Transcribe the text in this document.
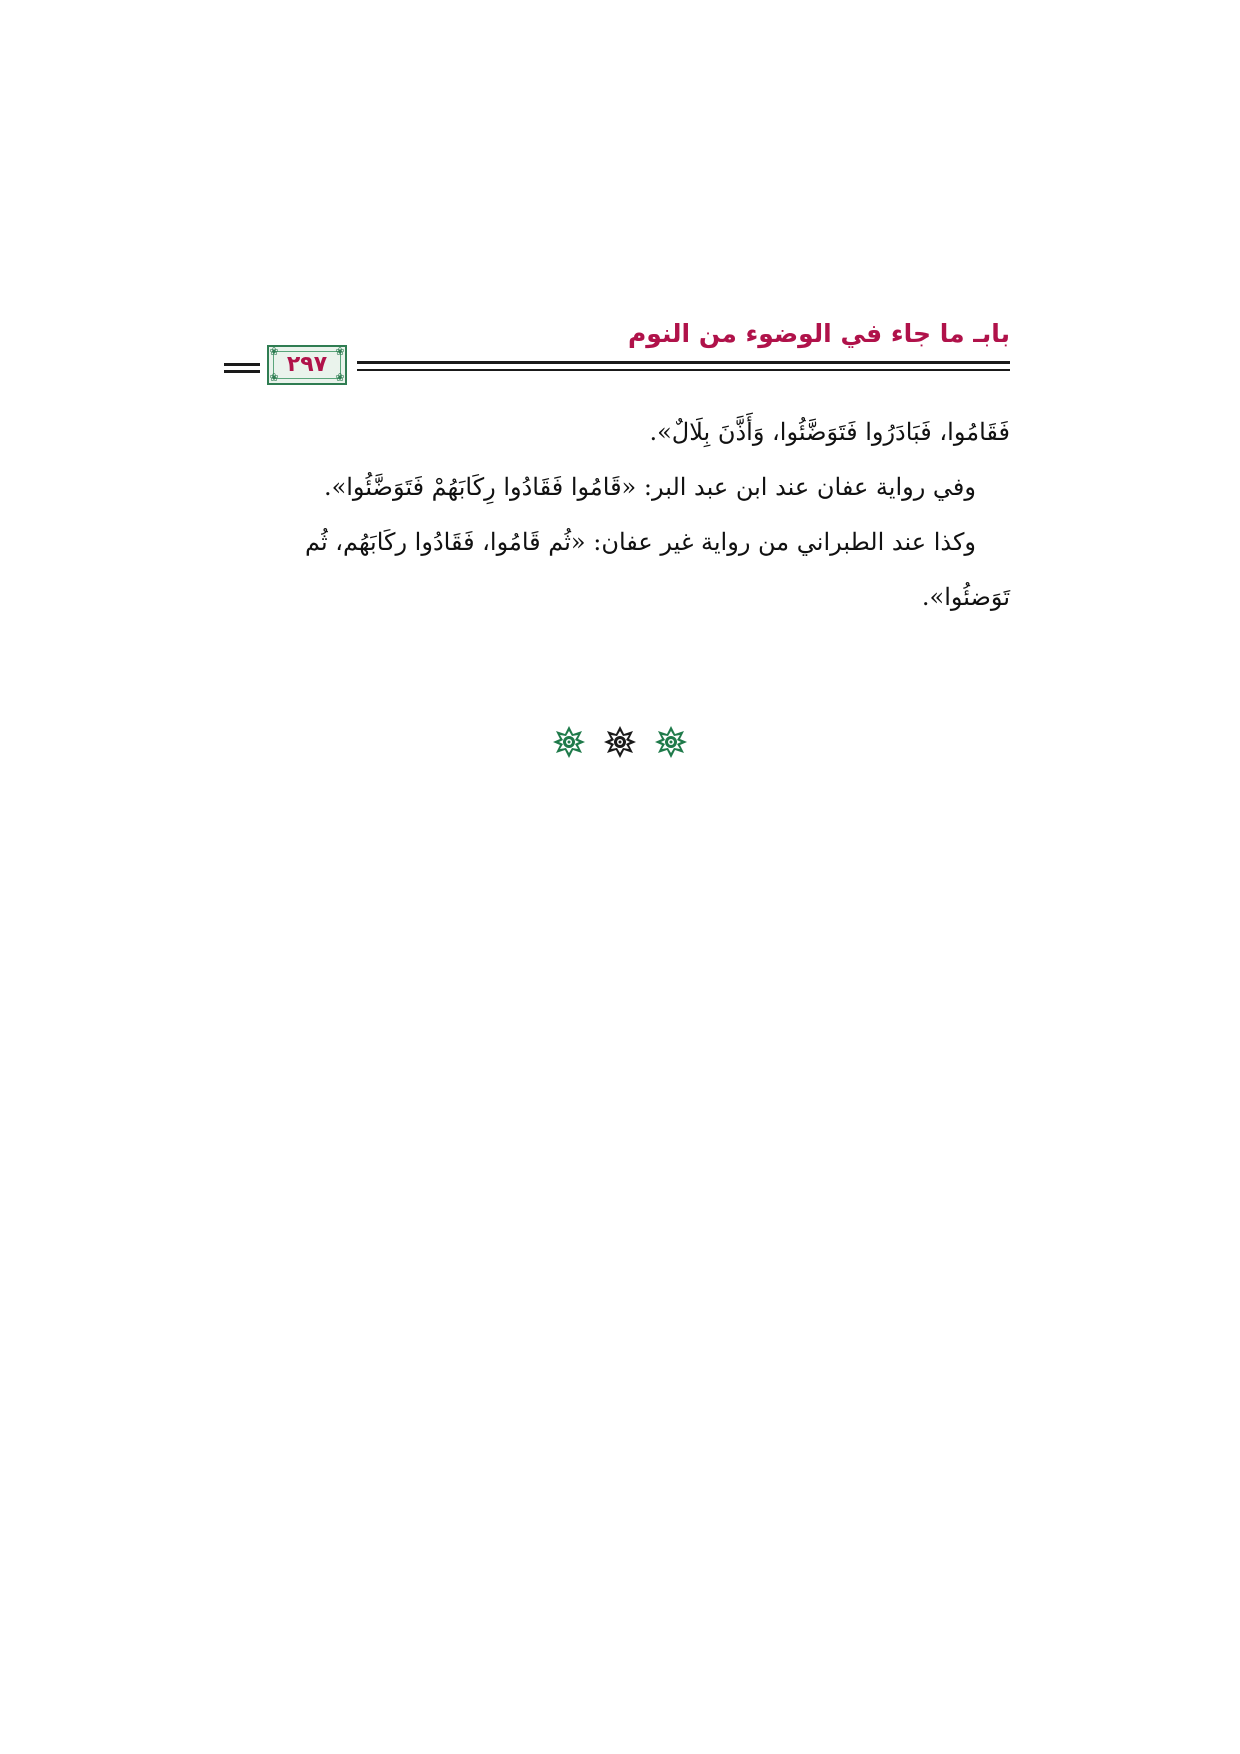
بابـ ما جاء في الوضوء من النوم
❀	❀
❀	❀
٢٩٧

فَقَامُوا، فَبَادَرُوا فَتَوَضَّئُوا، وَأَذَّنَ بِلَالٌ».

وفي رواية عفان عند ابن عبد البر: «قَامُوا فَقَادُوا رِكَابَهُمْ فَتَوَضَّئُوا».

وكذا عند الطبراني من رواية غير عفان: «ثُم قَامُوا، فَقَادُوا ركَابَهُم، ثُم تَوَضئُوا».
